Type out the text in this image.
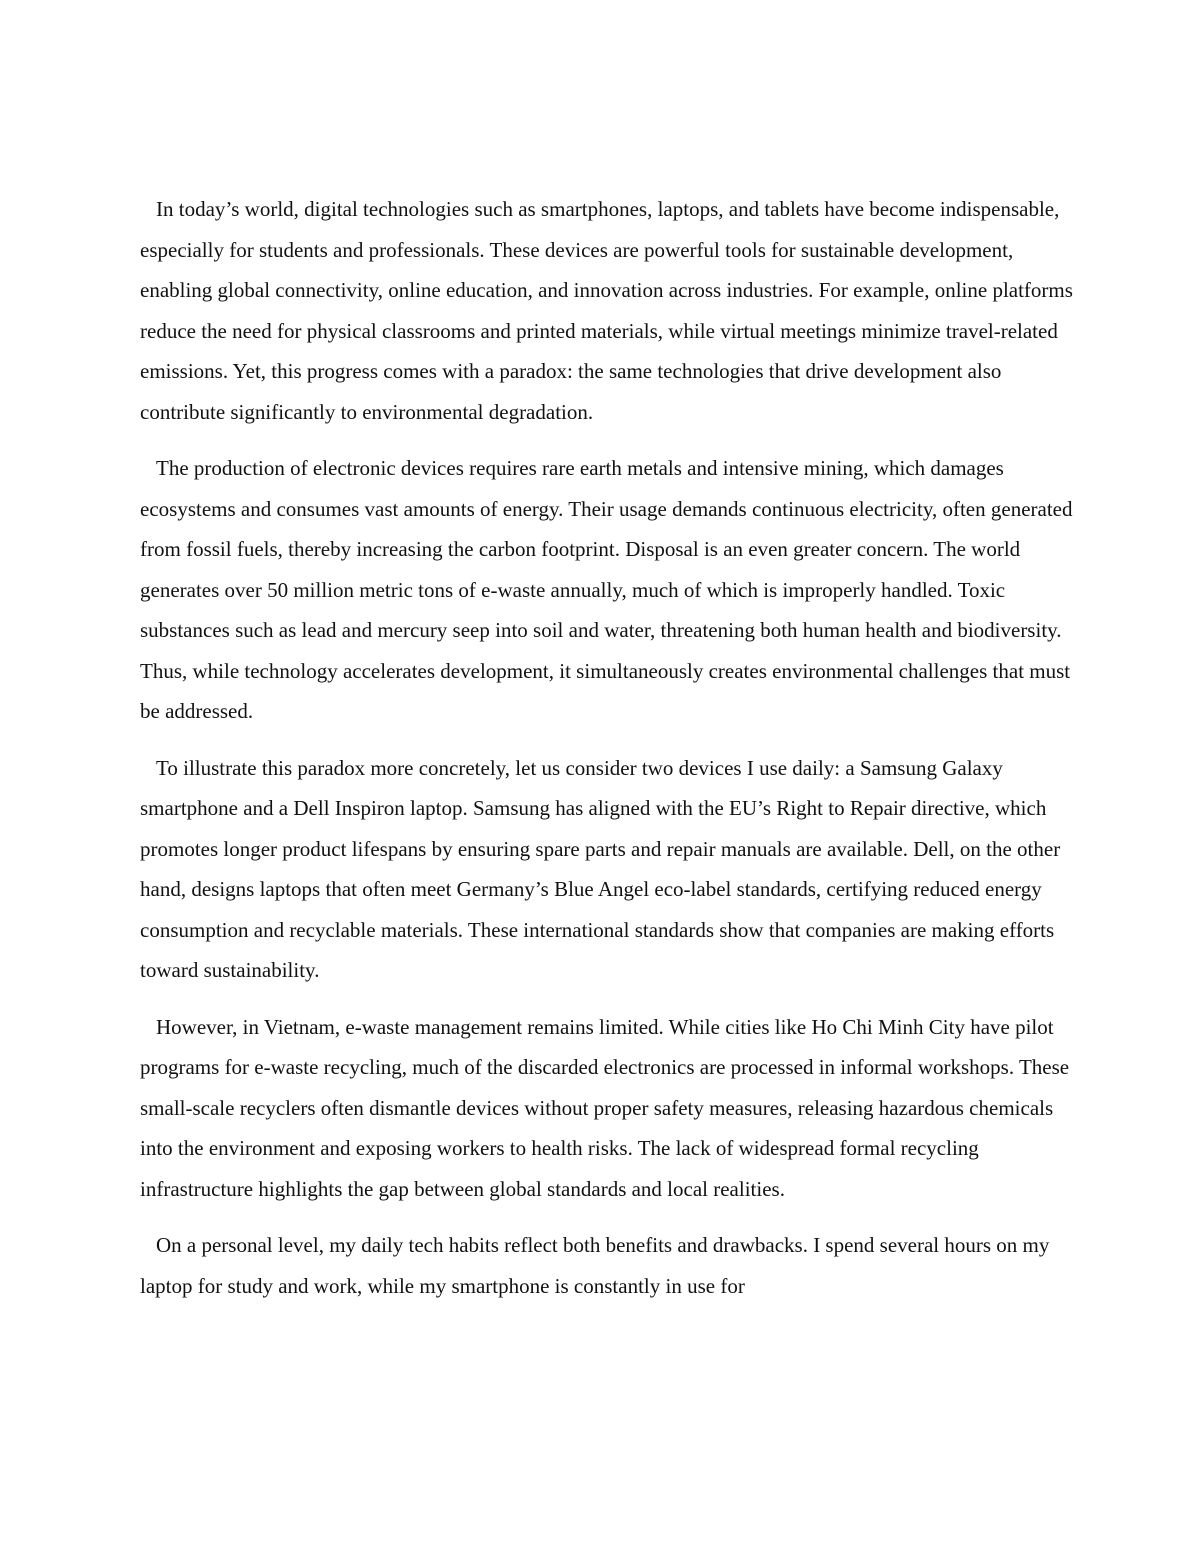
In today’s world, digital technologies such as smartphones, laptops, and tablets have become indispensable, especially for students and professionals. These devices are powerful tools for sustainable development, enabling global connectivity, online education, and innovation across industries. For example, online platforms reduce the need for physical classrooms and printed materials, while virtual meetings minimize travel-related emissions. Yet, this progress comes with a paradox: the same technologies that drive development also contribute significantly to environmental degradation.

The production of electronic devices requires rare earth metals and intensive mining, which damages ecosystems and consumes vast amounts of energy. Their usage demands continuous electricity, often generated from fossil fuels, thereby increasing the carbon footprint. Disposal is an even greater concern. The world generates over 50 million metric tons of e-waste annually, much of which is improperly handled. Toxic substances such as lead and mercury seep into soil and water, threatening both human health and biodiversity. Thus, while technology accelerates development, it simultaneously creates environmental challenges that must be addressed.

To illustrate this paradox more concretely, let us consider two devices I use daily: a Samsung Galaxy smartphone and a Dell Inspiron laptop. Samsung has aligned with the EU’s Right to Repair directive, which promotes longer product lifespans by ensuring spare parts and repair manuals are available. Dell, on the other hand, designs laptops that often meet Germany’s Blue Angel eco-label standards, certifying reduced energy consumption and recyclable materials. These international standards show that companies are making efforts toward sustainability.

However, in Vietnam, e-waste management remains limited. While cities like Ho Chi Minh City have pilot programs for e-waste recycling, much of the discarded electronics are processed in informal workshops. These small-scale recyclers often dismantle devices without proper safety measures, releasing hazardous chemicals into the environment and exposing workers to health risks. The lack of widespread formal recycling infrastructure highlights the gap between global standards and local realities.

On a personal level, my daily tech habits reflect both benefits and drawbacks. I spend several hours on my laptop for study and work, while my smartphone is constantly in use for
